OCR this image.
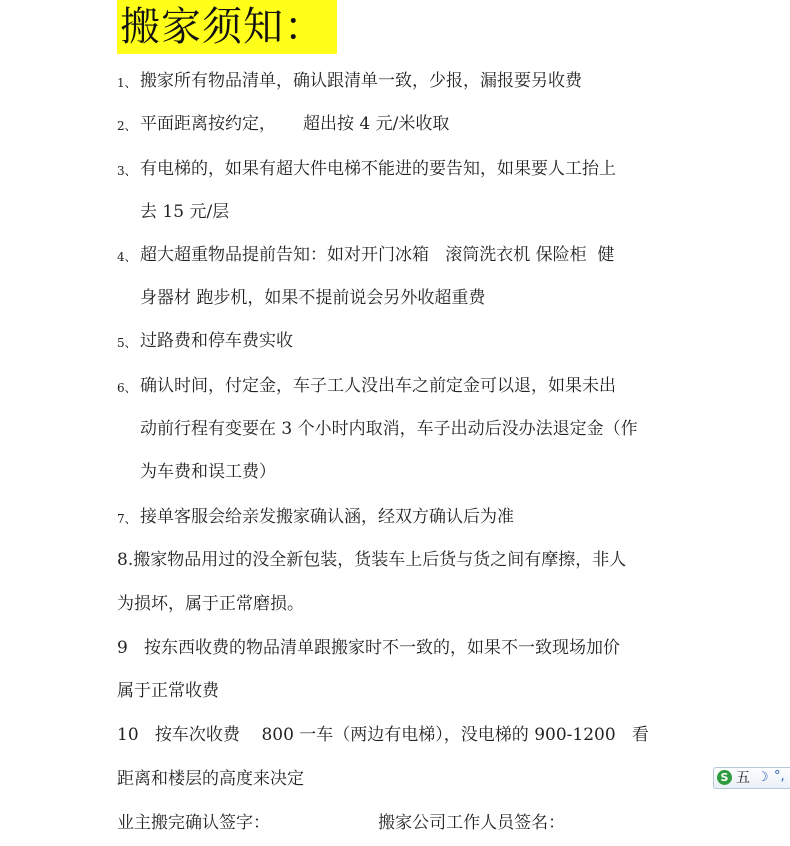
搬家须知：
1、 搬家所有物品清单，确认跟清单一致，少报，漏报要另收费
2、 平面距离按约定，     超出按 4 元/米收取
3、 有电梯的，如果有超大件电梯不能进的要告知，如果要人工抬上
去 15 元/层
4、 超大超重物品提前告知：如对开门冰箱   滚筒洗衣机 保险柜  健
身器材 跑步机，如果不提前说会另外收超重费
5、 过路费和停车费实收
6、 确认时间，付定金，车子工人没出车之前定金可以退，如果未出
动前行程有变要在 3 个小时内取消，车子出动后没办法退定金（作
为车费和误工费）
7、 接单客服会给亲发搬家确认涵，经双方确认后为准
8.搬家物品用过的没全新包装，货装车上后货与货之间有摩擦，非人
为损坏，属于正常磨损。
9   按东西收费的物品清单跟搬家时不一致的，如果不一致现场加价
属于正常收费
10   按车次收费    800 一车（两边有电梯），没电梯的 900-1200   看
距离和楼层的高度来决定
业主搬完确认签字：                    搬家公司工作人员签名：
S 五 ☽ °,
